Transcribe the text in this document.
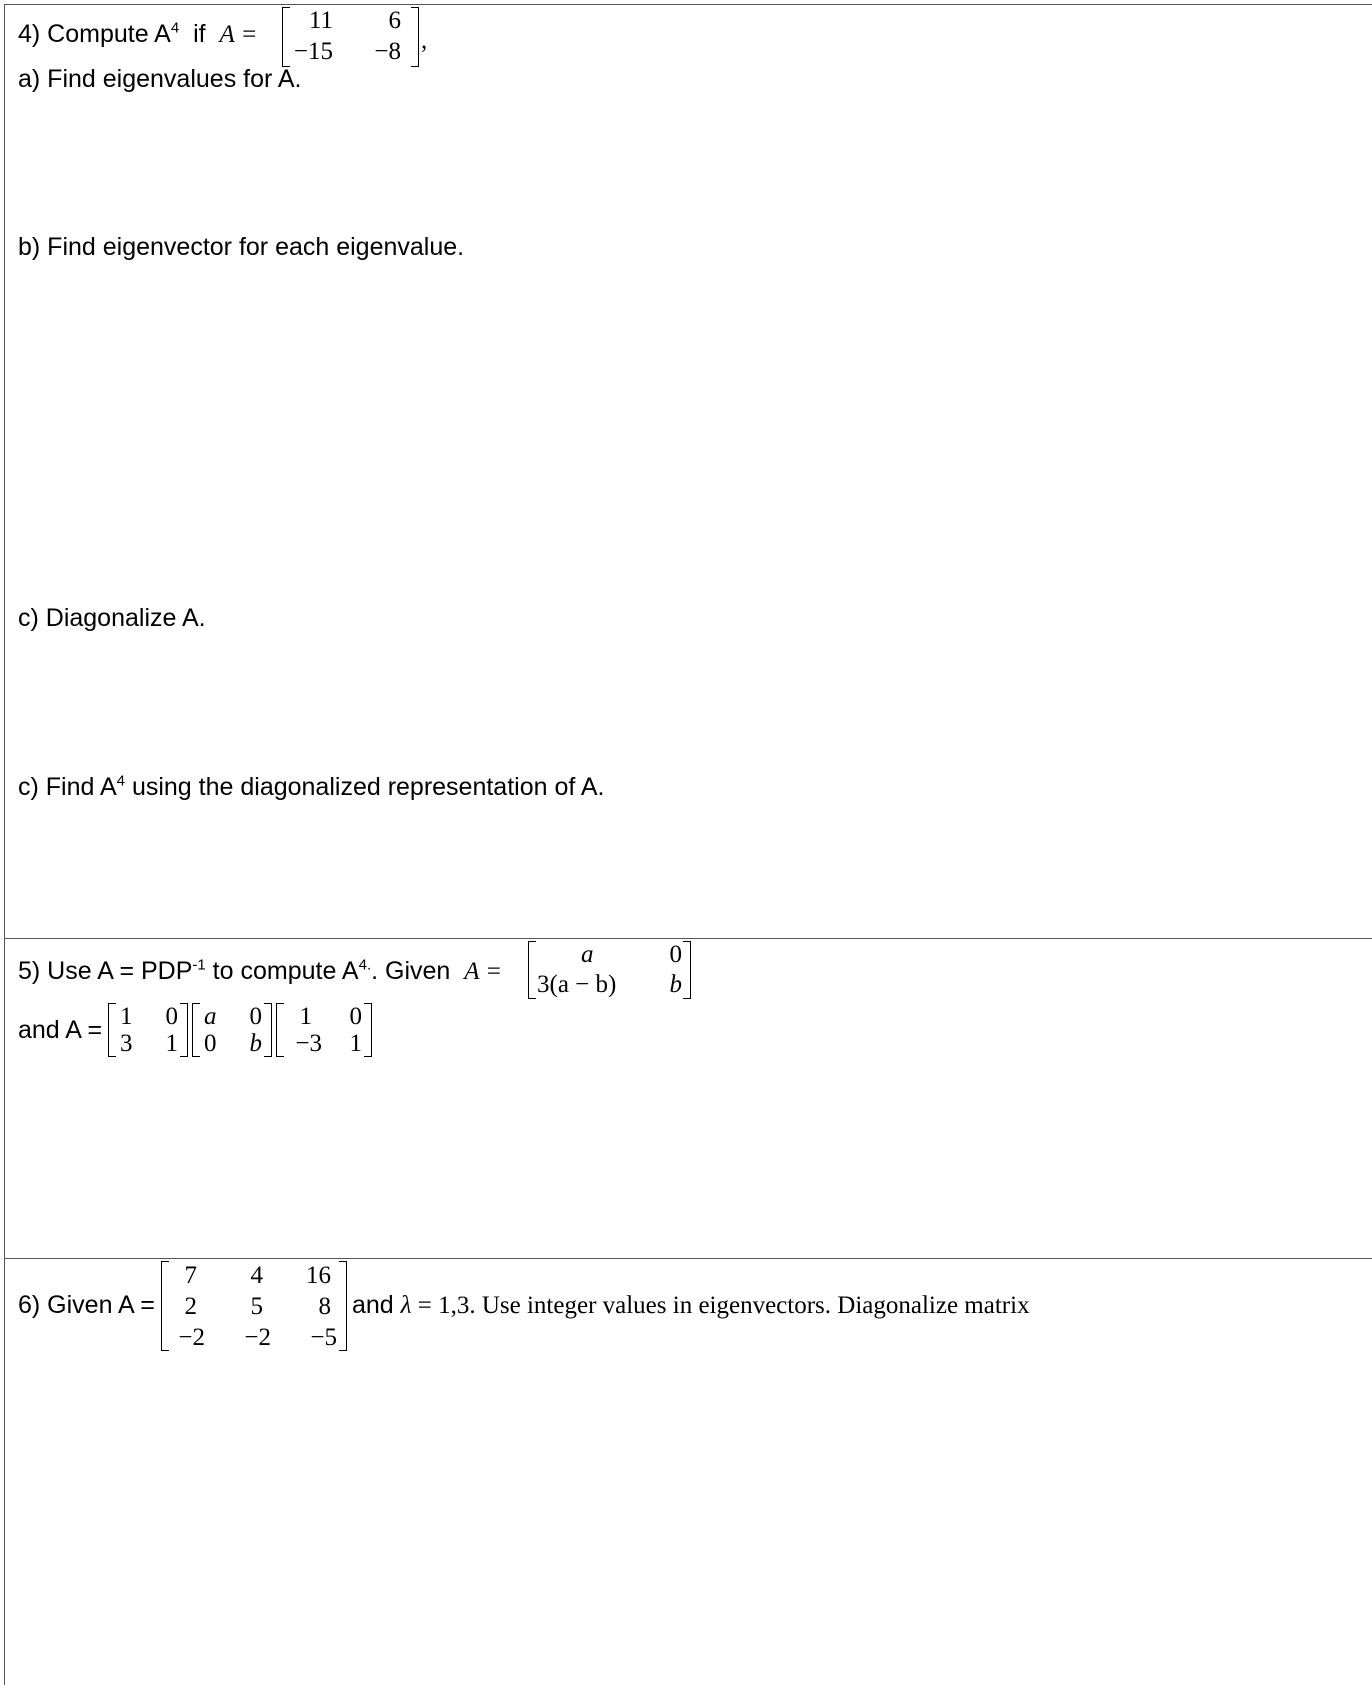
4) Compute $A^4$ if A =
11 6
−15 −8 ,
a) Find eigenvalues for A.
b) Find eigenvector for each eigenvalue.
c) Diagonalize A.
c) Find $A^4$ using the diagonalized representation of A.
5) Use $A = PDP^{-1}$ to compute $A^{4.}$. Given A =
a	0
3(a − b) b
and A = 1 0
3 1
a 0
0 b
1 0
−3 1
6) Given A =
7 4 16
2 5 8
−2 −2 −5
and λ = 1,3. Use integer values in eigenvectors. Diagonalize matrix
